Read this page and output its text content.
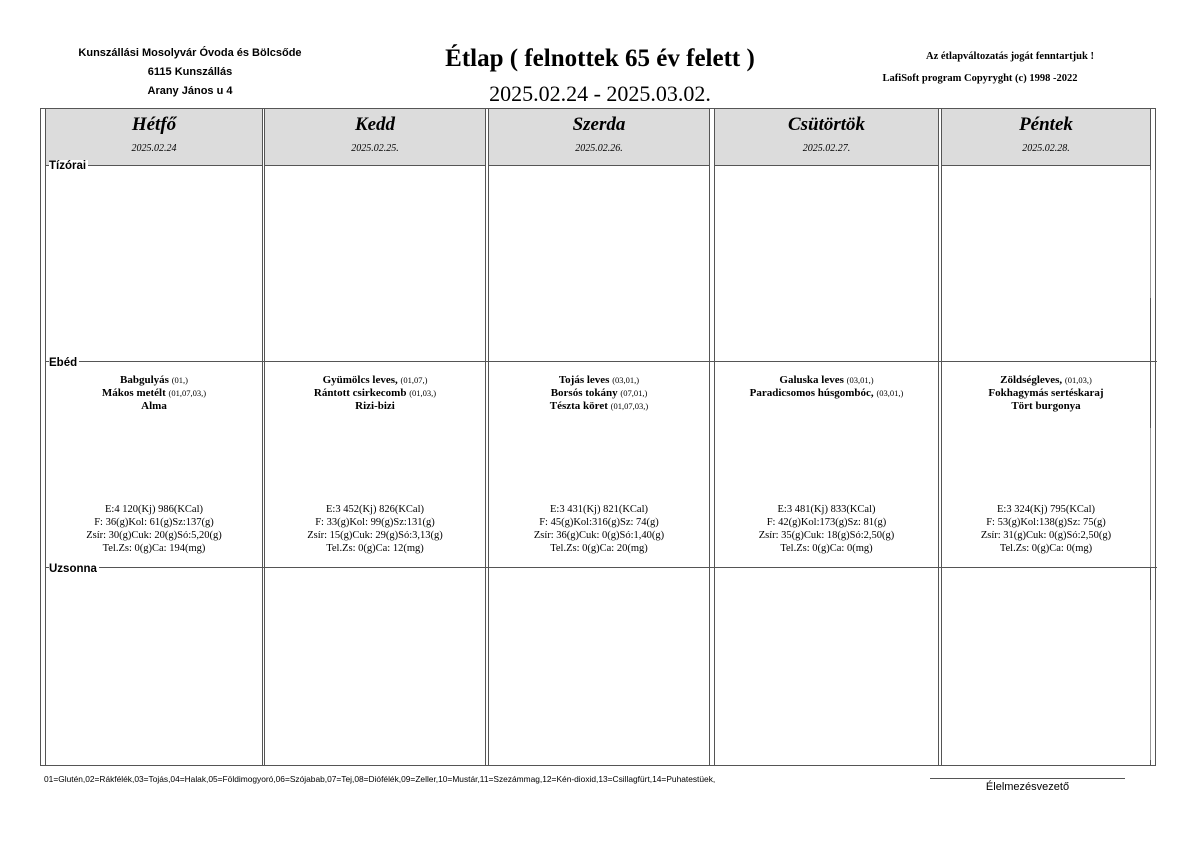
Kunszállási Mosolyvár Óvoda és Bölcsőde
6115 Kunszállás
Arany János u 4
Étlap ( felnottek 65 év felett )
2025.02.24 - 2025.03.02.
Az étlapváltozatás jogát fenntartjuk !
LafiSoft program Copyryght (c) 1998 -2022
Hétfő
2025.02.24
Kedd
2025.02.25.
Szerda
2025.02.26.
Csütörtök
2025.02.27.
Péntek
2025.02.28.
Tízórai
Ebéd
Uzsonna
Babgulyás (01,)
Mákos metélt (01,07,03,)
Alma
Gyümölcs leves, (01,07,)
Rántott csirkecomb (01,03,)
Rizi-bizi
Tojás leves (03,01,)
Borsós tokány (07,01,)
Tészta köret (01,07,03,)
Galuska leves (03,01,)
Paradicsomos húsgombóc, (03,01,)
Zöldségleves, (01,03,)
Fokhagymás sertéskaraj
Tört burgonya
E:4 120(Kj) 986(KCal)
F: 36(g)Kol: 61(g)Sz:137(g)
Zsír: 30(g)Cuk: 20(g)Só:5,20(g)
Tel.Zs: 0(g)Ca: 194(mg)
E:3 452(Kj) 826(KCal)
F: 33(g)Kol: 99(g)Sz:131(g)
Zsír: 15(g)Cuk: 29(g)Só:3,13(g)
Tel.Zs: 0(g)Ca: 12(mg)
E:3 431(Kj) 821(KCal)
F: 45(g)Kol:316(g)Sz: 74(g)
Zsír: 36(g)Cuk: 0(g)Só:1,40(g)
Tel.Zs: 0(g)Ca: 20(mg)
E:3 481(Kj) 833(KCal)
F: 42(g)Kol:173(g)Sz: 81(g)
Zsír: 35(g)Cuk: 18(g)Só:2,50(g)
Tel.Zs: 0(g)Ca: 0(mg)
E:3 324(Kj) 795(KCal)
F: 53(g)Kol:138(g)Sz: 75(g)
Zsír: 31(g)Cuk: 0(g)Só:2,50(g)
Tel.Zs: 0(g)Ca: 0(mg)
01=Glutén,02=Rákfélék,03=Tojás,04=Halak,05=Földimogyoró,06=Szójabab,07=Tej,08=Diófélék,09=Zeller,10=Mustár,11=Szezámmag,12=Kén-dioxid,13=Csillagfürt,14=Puhatestüek,
Élelmezésvezető
